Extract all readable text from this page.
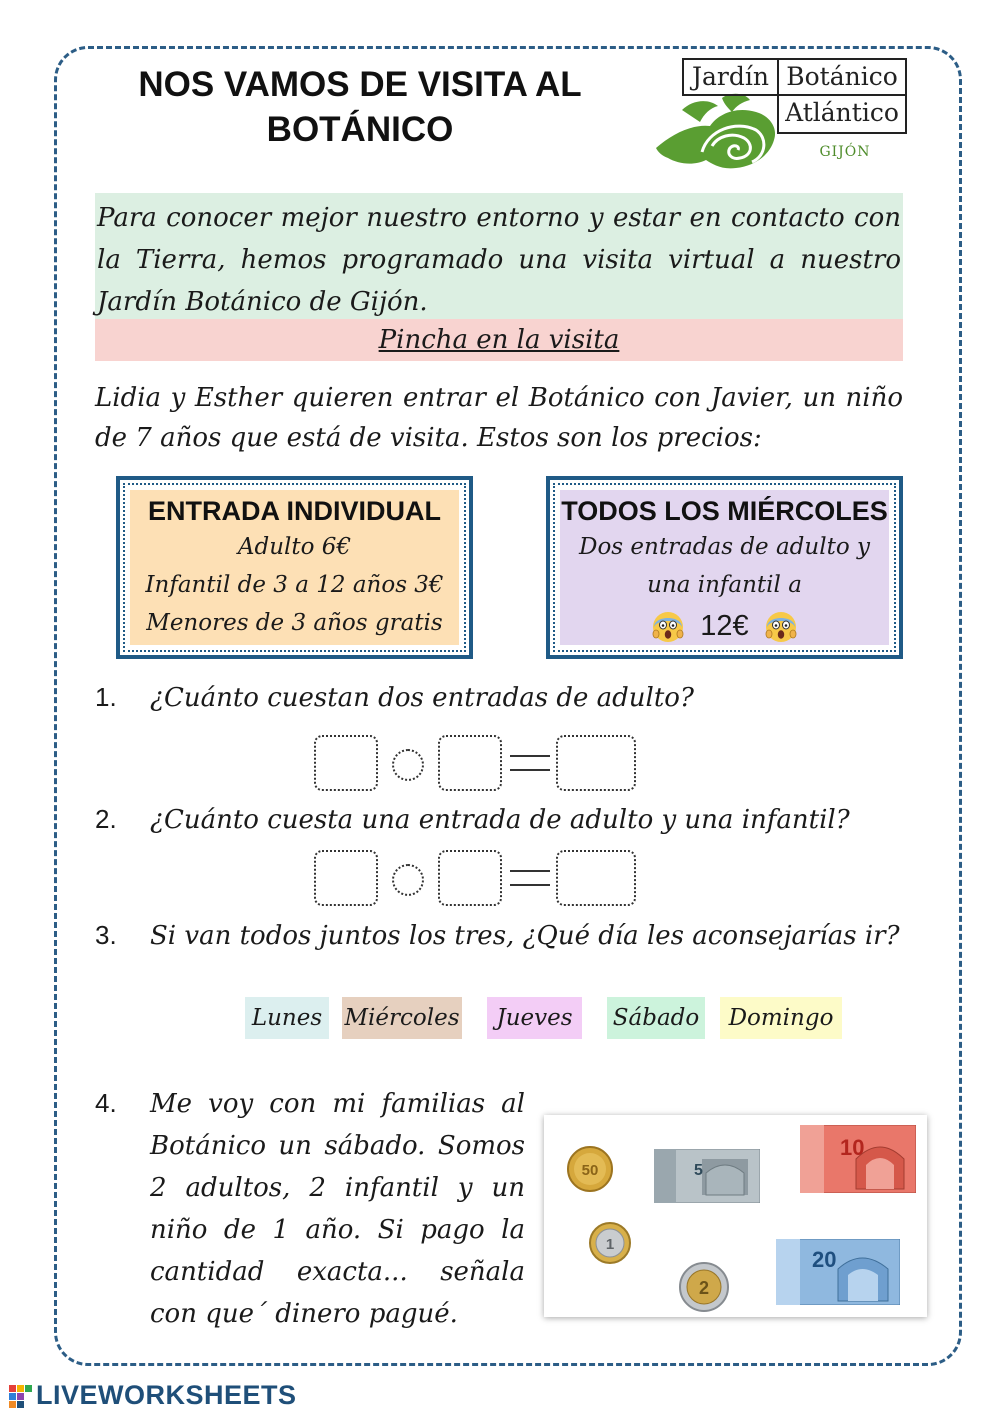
NOS VAMOS DE VISITA AL BOTÁNICO
Jardín Botánico
Atlántico
GIJÓN
Para conocer mejor nuestro entorno y estar en contacto con la Tierra, hemos programado una visita virtual a nuestro Jardín Botánico de Gijón.
Pincha en la visita
Lidia y Esther quieren entrar el Botánico con Javier, un niño de 7 años que está de visita. Estos son los precios:
ENTRADA INDIVIDUAL
Adulto 6€
Infantil de 3 a 12 años 3€
Menores de 3 años gratis
TODOS LOS MIÉRCOLES
Dos entradas de adulto y
una infantil a
12€
1. ¿Cuánto cuestan dos entradas de adulto?
2. ¿Cuánto cuesta una entrada de adulto y una infantil?
3. Si van todos juntos los tres, ¿Qué día les aconsejarías ir?
Lunes Miércoles	Jueves	Sábado	Domingo
4. Me voy con mi familias al Botánico un sábado. Somos 2 adultos, 2 infantil y un niño de 1 año. Si pago la cantidad exacta... señala con que´ dinero pagué.
50	5
10
1
20
2
LIVEWORKSHEETS
